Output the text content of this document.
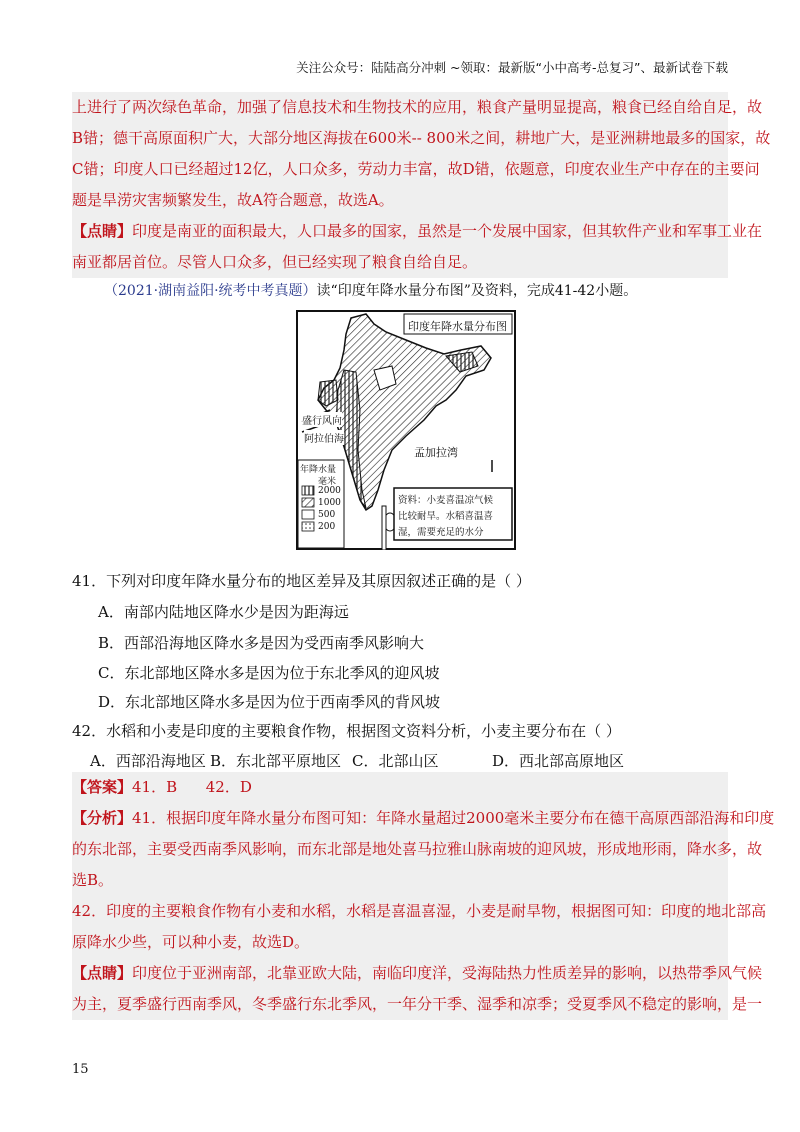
关注公众号：陆陆高分冲刺 ~领取：最新版“小中高考-总复习”、最新试卷下载
上进行了两次绿色革命，加强了信息技术和生物技术的应用，粮食产量明显提高，粮食已经自给自足，故
B错；德干高原面积广大，大部分地区海拔在600米-- 800米之间，耕地广大，是亚洲耕地最多的国家，故
C错；印度人口已经超过12亿，人口众多，劳动力丰富，故D错，依题意，印度农业生产中存在的主要问
题是旱涝灾害频繁发生，故A符合题意，故选A。
【点睛】印度是南亚的面积最大，人口最多的国家，虽然是一个发展中国家，但其软件产业和军事工业在
南亚都居首位。尽管人口众多，但已经实现了粮食自给自足。
（2021·湖南益阳·统考中考真题）读“印度年降水量分布图”及资料，完成41-42小题。
印度年降水量分布图
盛行风向
阿拉伯海
孟加拉湾
年降水量
毫米
2000
1000
500
200
资料：小麦喜温凉气候
比较耐旱。水稻喜温喜
湿，需要充足的水分
41．下列对印度年降水量分布的地区差异及其原因叙述正确的是（ ）
A．南部内陆地区降水少是因为距海远
B．西部沿海地区降水多是因为受西南季风影响大
C．东北部地区降水多是因为位于东北季风的迎风坡
D．东北部地区降水多是因为位于西南季风的背风坡
42．水稻和小麦是印度的主要粮食作物，根据图文资料分析，小麦主要分布在（ ）
A．西部沿海地区 B．东北部平原地区 C．北部山区	D．西北部高原地区
【答案】41．B      42．D
【分析】41．根据印度年降水量分布图可知：年降水量超过2000毫米主要分布在德干高原西部沿海和印度
的东北部，主要受西南季风影响，而东北部是地处喜马拉雅山脉南坡的迎风坡，形成地形雨，降水多，故
选B。
42．印度的主要粮食作物有小麦和水稻，水稻是喜温喜湿，小麦是耐旱物，根据图可知：印度的地北部高
原降水少些，可以种小麦，故选D。
【点睛】印度位于亚洲南部，北靠亚欧大陆，南临印度洋，受海陆热力性质差异的影响，以热带季风气候
为主，夏季盛行西南季风，冬季盛行东北季风，一年分干季、湿季和凉季；受夏季风不稳定的影响，是一
15
